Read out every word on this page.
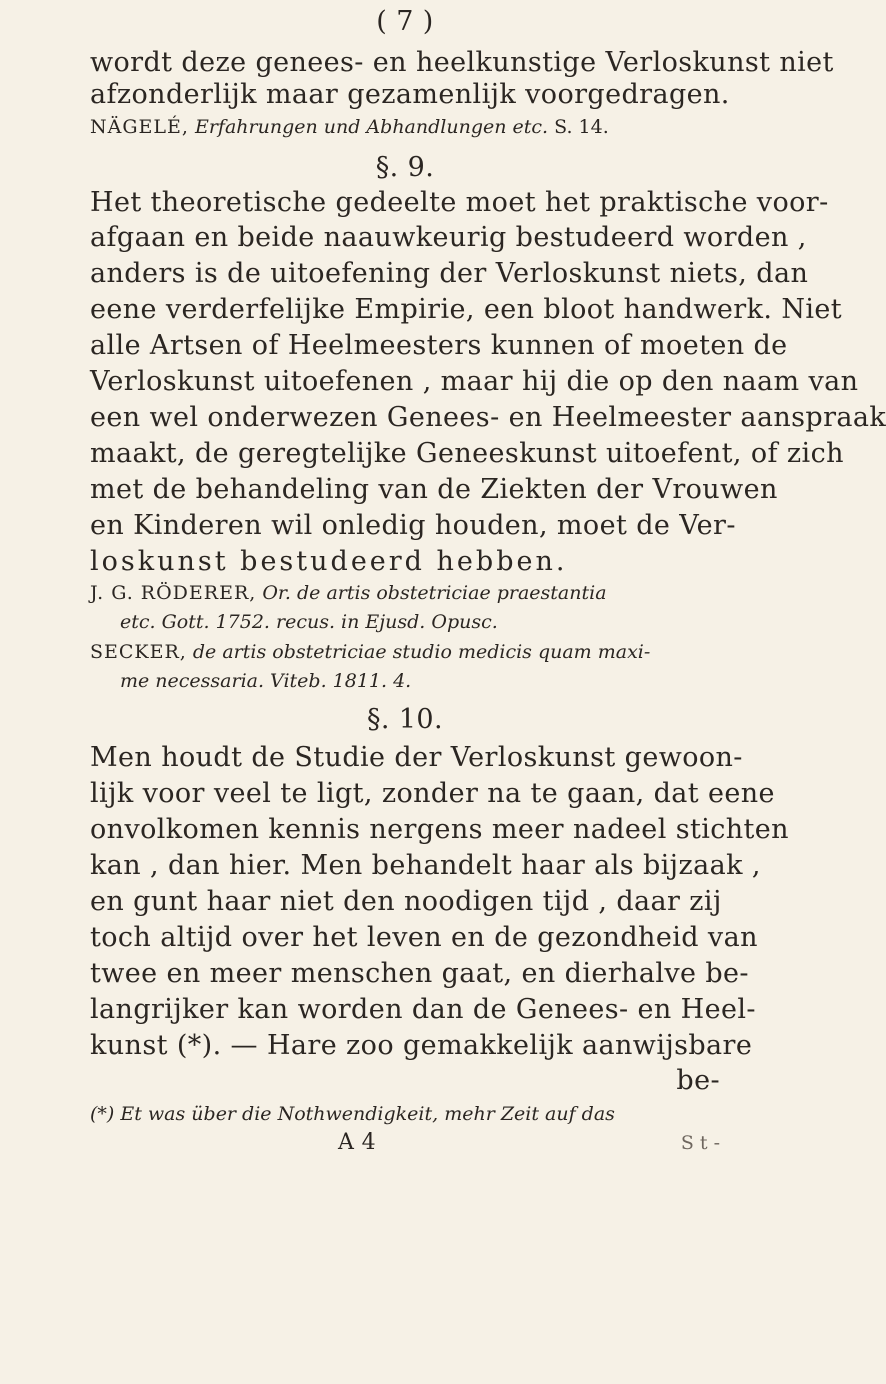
( 7 )
wordt deze genees- en heelkunstige Verloskunst niet
afzonderlijk maar gezamenlijk voorgedragen.
NÄGELÉ, Erfahrungen und Abhandlungen etc. S. 14.
§. 9.
Het theoretische gedeelte moet het praktische voor-
afgaan en beide naauwkeurig bestudeerd worden ,
anders is de uitoefening der Verloskunst niets, dan
eene verderfelijke Empirie, een bloot handwerk. Niet
alle Artsen of Heelmeesters kunnen of moeten de
Verloskunst uitoefenen , maar hij die op den naam van
een wel onderwezen Genees- en Heelmeester aanspraak
maakt, de geregtelijke Geneeskunst uitoefent, of zich
met de behandeling van de Ziekten der Vrouwen
en Kinderen wil onledig houden, moet de Ver-
loskunst bestudeerd hebben.
J. G. RÖDERER, Or. de artis obstetriciae praestantia
etc. Gott. 1752. recus. in Ejusd. Opusc.
SECKER, de artis obstetriciae studio medicis quam maxi-
me necessaria. Viteb. 1811. 4.
§. 10.
Men houdt de Studie der Verloskunst gewoon-
lijk voor veel te ligt, zonder na te gaan, dat eene
onvolkomen kennis nergens meer nadeel stichten
kan , dan hier. Men behandelt haar als bijzaak ,
en gunt haar niet den noodigen tijd , daar zij
toch altijd over het leven en de gezondheid van
twee en meer menschen gaat, en dierhalve be-
langrijker kan worden dan de Genees- en Heel-
kunst (*). — Hare zoo gemakkelijk aanwijsbare
be-
(*) Et was über die Nothwendigkeit, mehr Zeit auf das
A 4	S t -
